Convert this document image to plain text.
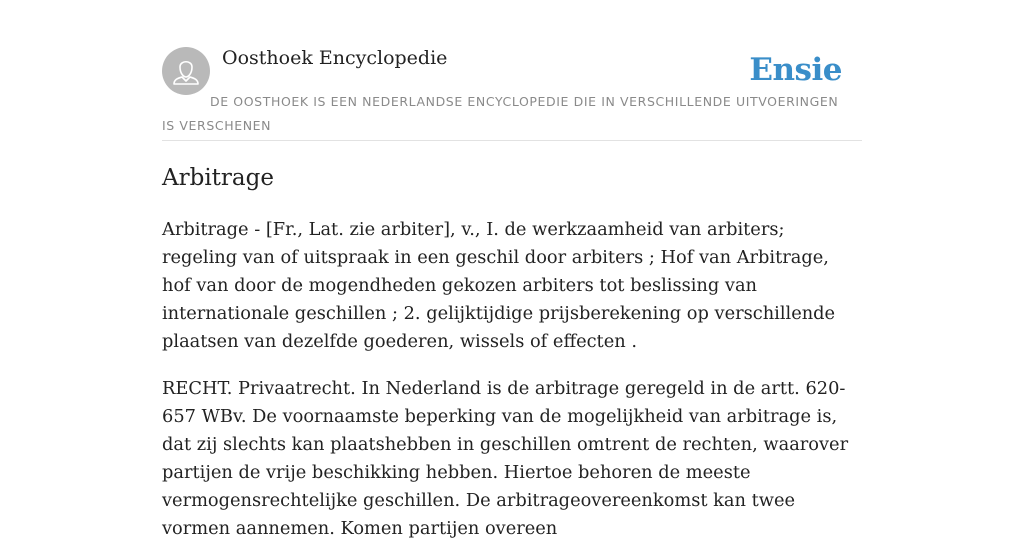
Oosthoek Encyclopedie	Ensie
DE OOSTHOEK IS EEN NEDERLANDSE ENCYCLOPEDIE DIE IN VERSCHILLENDE UITVOERINGEN IS VERSCHENEN
Arbitrage

Arbitrage - [Fr., Lat. zie arbiter], v., I. de werkzaamheid van arbiters; regeling van of uitspraak in een geschil door arbiters ; Hof van Arbitrage, hof van door de mogendheden gekozen arbiters tot beslissing van internationale geschillen ; 2. gelijktijdige prijsberekening op verschillende plaatsen van dezelfde goederen, wissels of effecten .

RECHT. Privaatrecht. In Nederland is de arbitrage geregeld in de artt. 620-657 WBv. De voornaamste beperking van de mogelijkheid van arbitrage is, dat zij slechts kan plaatshebben in geschillen omtrent de rechten, waarover partijen de vrije beschikking hebben. Hiertoe behoren de meeste vermogensrechtelijke geschillen. De arbitrageovereenkomst kan twee vormen aannemen. Komen partijen overeen
